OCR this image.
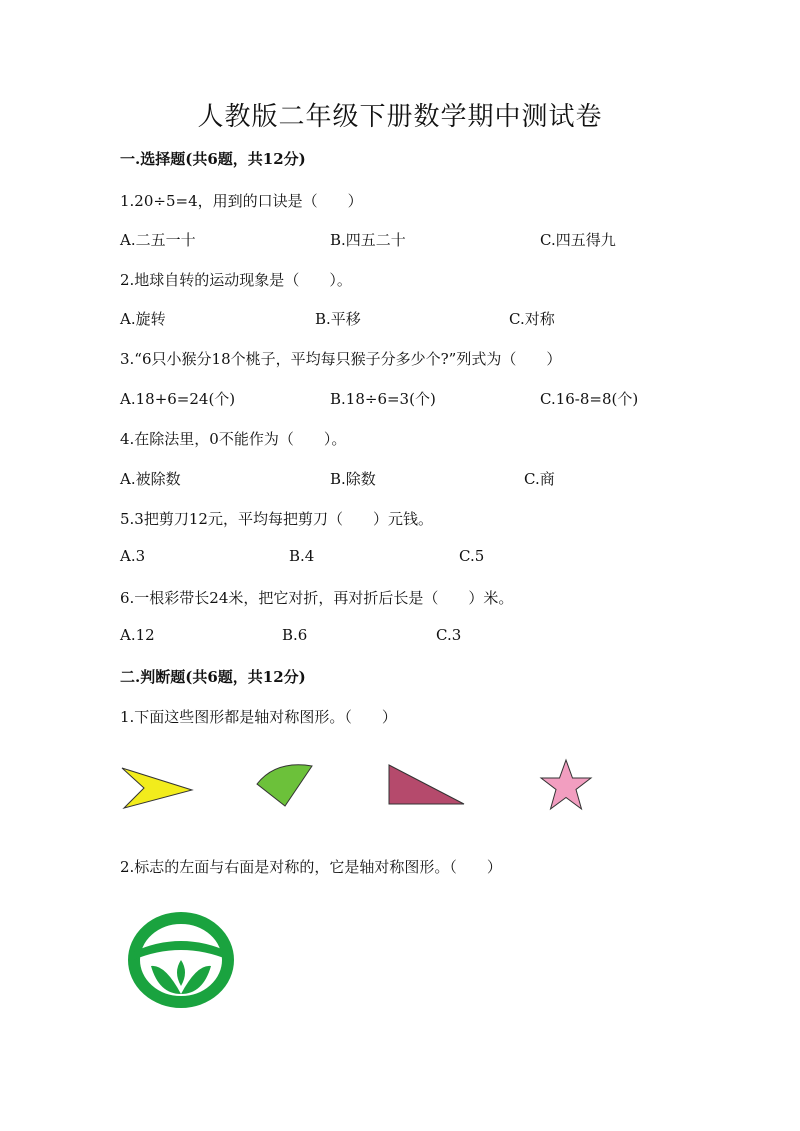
人教版二年级下册数学期中测试卷
一.选择题(共6题，共12分)
1.20÷5=4，用到的口诀是（　　）
A.二五一十	B.四五二十	C.四五得九
2.地球自转的运动现象是（　　）。
A.旋转	B.平移	C.对称
3.“6只小猴分18个桃子，平均每只猴子分多少个?”列式为（　　）
A.18+6=24(个)	B.18÷6=3(个)	C.16-8=8(个)
4.在除法里，0不能作为（　　）。
A.被除数	B.除数	C.商
5.3把剪刀12元，平均每把剪刀（　　）元钱。
A.3	B.4	C.5
6.一根彩带长24米，把它对折，再对折后长是（　　）米。
A.12	B.6	C.3
二.判断题(共6题，共12分)
1.下面这些图形都是轴对称图形。（　　）
2.标志的左面与右面是对称的，它是轴对称图形。（　　）
